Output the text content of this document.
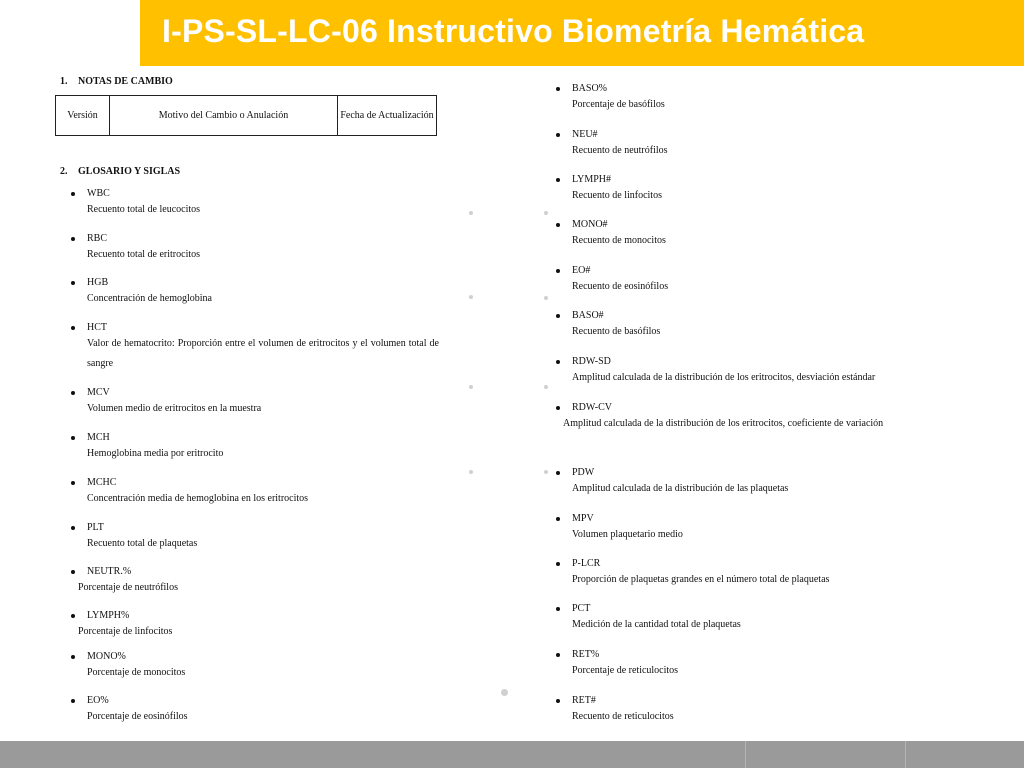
I-PS-SL-LC-06 Instructivo Biometría Hemática
1. NOTAS DE CAMBIO
Versión	Motivo del Cambio o Anulación	Fecha de Actualización
2. GLOSARIO Y SIGLAS
WBC
Recuento total de leucocitos
RBC
Recuento total de eritrocitos
HGB
Concentración de hemoglobina
HCT
Valor de hematocrito: Proporción entre el volumen de eritrocitos y el volumen total de sangre
MCV
Volumen medio de eritrocitos en la muestra
MCH
Hemoglobina media por eritrocito
MCHC
Concentración media de hemoglobina en los eritrocitos
PLT
Recuento total de plaquetas
NEUTR.%
Porcentaje de neutrófilos
LYMPH%
Porcentaje de linfocitos
MONO%
Porcentaje de monocitos
EO%
Porcentaje de eosinófilos
BASO%
Porcentaje de basófilos
NEU#
Recuento de neutrófilos
LYMPH#
Recuento de linfocitos
MONO#
Recuento de monocitos
EO#
Recuento de eosinófilos
BASO#
Recuento de basófilos
RDW-SD
Amplitud calculada de la distribución de los eritrocitos, desviación estándar
RDW-CV
Amplitud calculada de la distribución de los eritrocitos, coeficiente de variación
PDW
Amplitud calculada de la distribución de las plaquetas
MPV
Volumen plaquetario medio
P-LCR
Proporción de plaquetas grandes en el número total de plaquetas
PCT
Medición de la cantidad total de plaquetas
RET%
Porcentaje de reticulocitos
RET#
Recuento de reticulocitos
